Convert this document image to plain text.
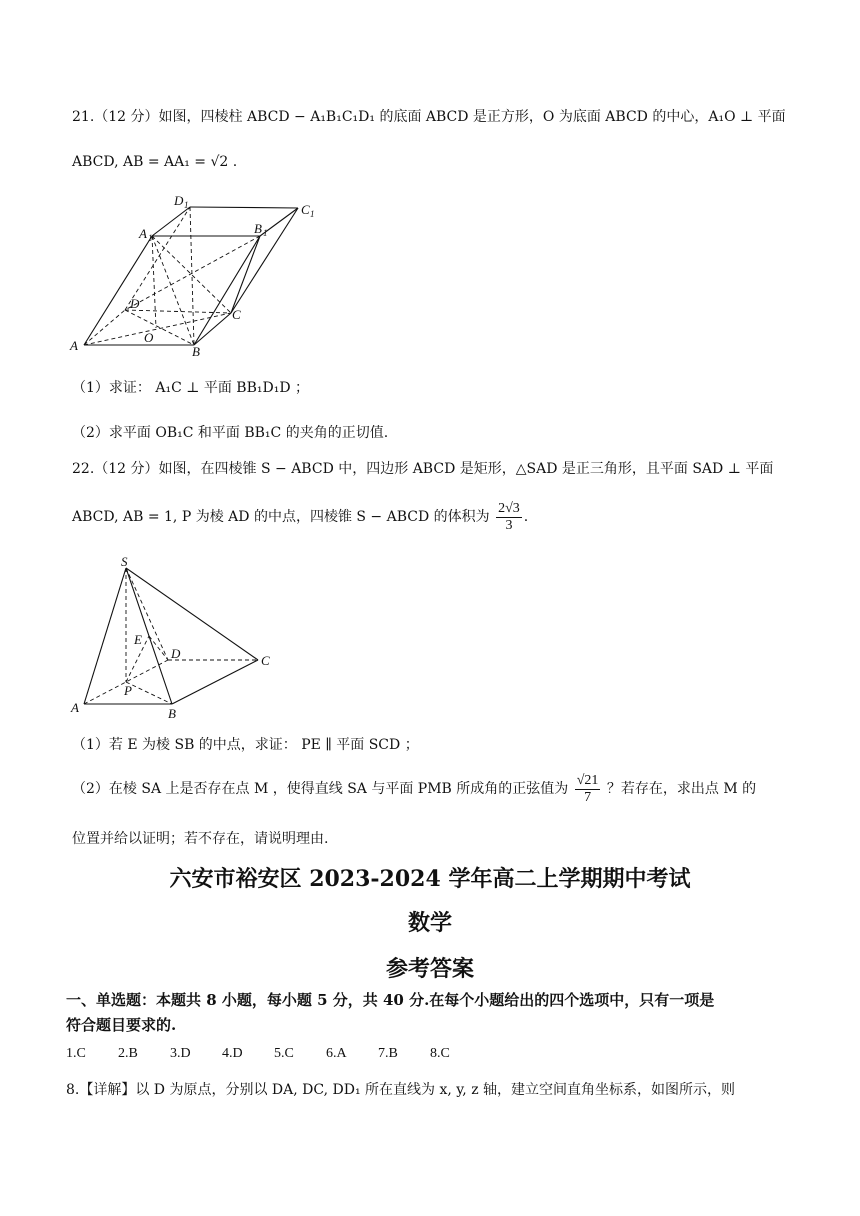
21.（12 分）如图，四棱柱 ABCD − A₁B₁C₁D₁ 的底面 ABCD 是正方形，O 为底面 ABCD 的中心，A₁O ⊥ 平面
ABCD, AB = AA₁ = √2 .
A	B
C
D
O
A 1
B 1
C 1
D 1
（1）求证： A₁C ⊥ 平面 BB₁D₁D ；
（2）求平面 OB₁C 和平面 BB₁C 的夹角的正切值.
22.（12 分）如图，在四棱锥 S − ABCD 中，四边形 ABCD 是矩形，△SAD 是正三角形，且平面 SAD ⊥ 平面
ABCD, AB = 1, P 为棱 AD 的中点，四棱锥 S − ABCD 的体积为 $\frac{2√3}{3}$ .
S
A	B
C
D
E
P
（1）若 E 为棱 SB 的中点，求证： PE ∥ 平面 SCD ；
（2）在棱 SA 上是否存在点 M ，使得直线 SA 与平面 PMB 所成角的正弦值为 $\frac{√21}{7}$ ？若存在，求出点 M 的
位置并给以证明；若不存在，请说明理由.
六安市裕安区 2023-2024 学年高二上学期期中考试
数学
参考答案
一、单选题：本题共 8 小题，每小题 5 分，共 40 分.在每个小题给出的四个选项中，只有一项是
符合题目要求的.
1.C 2.B 3.D 4.D 5.C 6.A 7.B 8.C
8.【详解】以 D 为原点，分别以 DA, DC, DD₁ 所在直线为 x, y, z 轴，建立空间直角坐标系，如图所示，则
